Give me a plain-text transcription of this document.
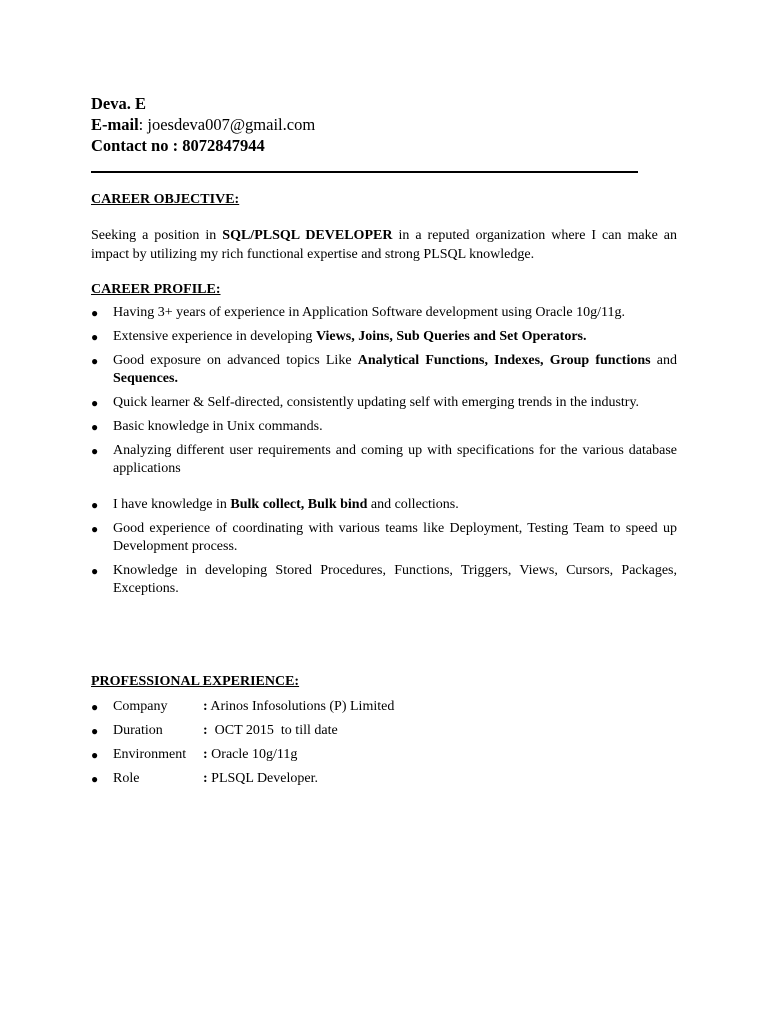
Deva. E
E-mail: joesdeva007@gmail.com
Contact no : 8072847944
CAREER OBJECTIVE:
Seeking a position in SQL/PLSQL DEVELOPER in a reputed organization where I can make an impact by utilizing my rich functional expertise and strong PLSQL knowledge.
CAREER PROFILE:
● Having 3+ years of experience in Application Software development using Oracle 10g/11g.
● Extensive experience in developing Views, Joins, Sub Queries and Set Operators.
● Good exposure on advanced topics Like Analytical Functions, Indexes, Group functions and Sequences.
● Quick learner & Self-directed, consistently updating self with emerging trends in the industry.
● Basic knowledge in Unix commands.
● Analyzing different user requirements and coming up with specifications for the various database applications
● I have knowledge in Bulk collect, Bulk bind and collections.
● Good experience of coordinating with various teams like Deployment, Testing Team to speed up Development process.
● Knowledge in developing Stored Procedures, Functions, Triggers, Views, Cursors, Packages, Exceptions.
PROFESSIONAL EXPERIENCE:
● Company	: Arinos Infosolutions (P) Limited
● Duration	:  OCT 2015  to till date
● Environment : Oracle 10g/11g
● Role	: PLSQL Developer.
